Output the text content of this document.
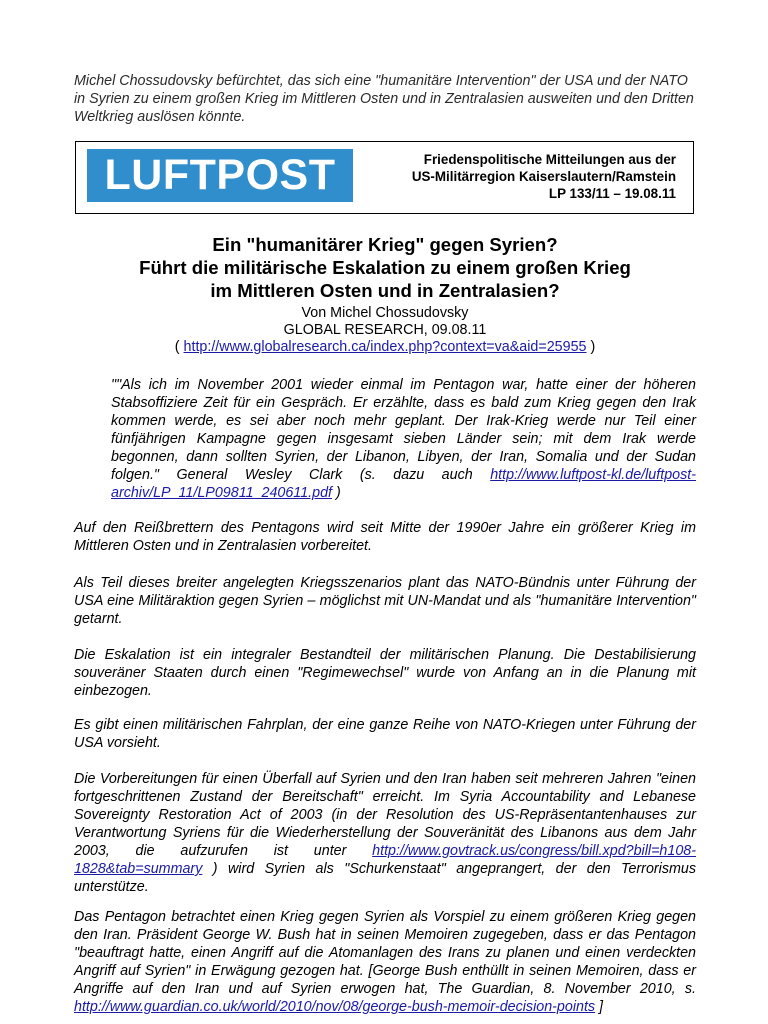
Michel Chossudovsky befürchtet, das sich eine "humanitäre Intervention" der USA und der NATO in Syrien zu einem großen Krieg im Mittleren Osten und in Zentralasien ausweiten und den Dritten Weltkrieg auslösen könnte.
LUFTPOST	Friedenspolitische Mitteilungen aus der
US-Militärregion Kaiserslautern/Ramstein
LP 133/11 – 19.08.11
Ein "humanitärer Krieg" gegen Syrien?
Führt die militärische Eskalation zu einem großen Krieg
im Mittleren Osten und in Zentralasien?
Von Michel Chossudovsky
GLOBAL RESEARCH, 09.08.11
( http://www.globalresearch.ca/index.php?context=va&aid=25955 )
""Als ich im November 2001 wieder einmal im Pentagon war, hatte einer der höheren Stabsoffiziere Zeit für ein Gespräch. Er erzählte, dass es bald zum Krieg gegen den Irak kommen werde, es sei aber noch mehr geplant. Der Irak-Krieg werde nur Teil einer fünfjährigen Kampagne gegen insgesamt sieben Länder sein; mit dem Irak werde begonnen, dann sollten Syrien, der Libanon, Libyen, der Iran, Somalia und der Sudan folgen." General Wesley Clark (s. dazu auch http://www.luftpost-kl.de/luftpost-archiv/LP_11/LP09811_240611.pdf )
Auf den Reißbrettern des Pentagons wird seit Mitte der 1990er Jahre ein größerer Krieg im Mittleren Osten und in Zentralasien vorbereitet.
Als Teil dieses breiter angelegten Kriegsszenarios plant das NATO-Bündnis unter Führung der USA eine Militäraktion gegen Syrien – möglichst mit UN-Mandat und als "humanitäre Intervention" getarnt.
Die Eskalation ist ein integraler Bestandteil der militärischen Planung. Die Destabilisierung souveräner Staaten durch einen "Regimewechsel" wurde von Anfang an in die Planung mit einbezogen.
Es gibt einen militärischen Fahrplan, der eine ganze Reihe von NATO-Kriegen unter Führung der USA vorsieht.
Die Vorbereitungen für einen Überfall auf Syrien und den Iran haben seit mehreren Jahren "einen fortgeschrittenen Zustand der Bereitschaft" erreicht. Im Syria Accountability and Lebanese Sovereignty Restoration Act of 2003 (in der Resolution des US-Repräsentantenhauses zur Verantwortung Syriens für die Wiederherstellung der Souveränität des Libanons aus dem Jahr 2003, die aufzurufen ist unter http://www.govtrack.us/congress/bill.xpd?bill=h108-1828&tab=summary ) wird Syrien als "Schurkenstaat" angeprangert, der den Terrorismus unterstütze.
Das Pentagon betrachtet einen Krieg gegen Syrien als Vorspiel zu einem größeren Krieg gegen den Iran. Präsident George W. Bush hat in seinen Memoiren zugegeben, dass er das Pentagon "beauftragt hatte, einen Angriff auf die Atomanlagen des Irans zu planen und einen verdeckten Angriff auf Syrien" in Erwägung gezogen hat. [George Bush enthüllt in seinen Memoiren, dass er Angriffe auf den Iran und auf Syrien erwogen hat, The Guardian, 8. November 2010, s. http://www.guardian.co.uk/world/2010/nov/08/george-bush-memoir-decision-points ]
